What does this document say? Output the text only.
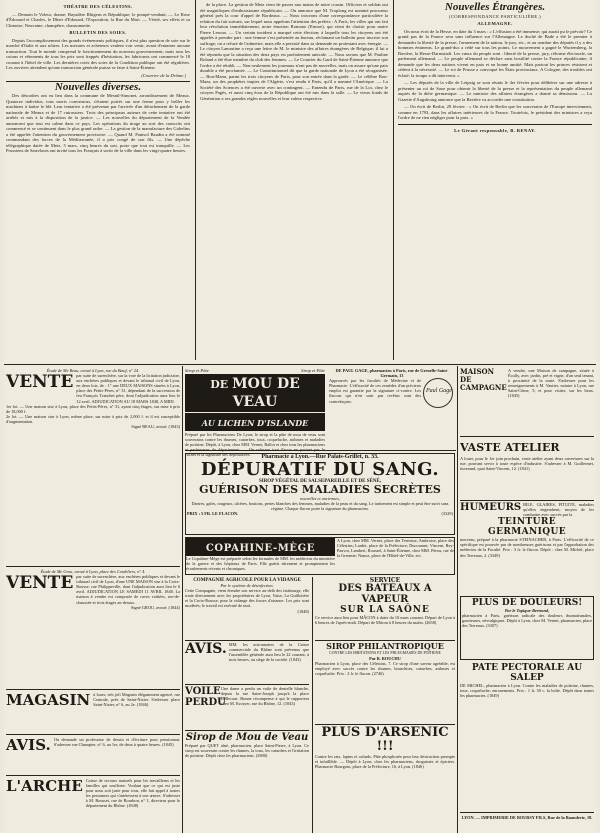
THÉATRE DES CÉLESTINS.

— Demain le Voleur, drame; Bayadère Rhigens et République; le pompé-vendant; — Le Rose d'Édouard et Charles, le Dîner d'Edouard, l'Exposition, la Rue du Mari. — Vérité, ses effets et sa Chinoise; Neuvaine, champêtre, chansonnette.

BULLETIN DES SOIES.

Depuis l'accomplissement des grands événements politiques, il n'est plus question de soie sur le marché d'Italie et aux nôtres. Les mesures et acheteurs veulent voir venir, avant d'entamer aucune transaction. Tout le monde comprend le fonctionnement du nouveau gouvernement; mais tous les cotons et vêtements de tous les prix sont frappés d'hésitation, les fabricants ont commencé le 18 courant à l'hôtel de ville. Les dernières cotes des soies de la Condition publique ont été régulières. Les ouvriers attendent qu'une transaction générale puisse se faire à Saint-Étienne.

(Courrier de la Drôme.)

Nouvelles diverses.

Des désordres ont eu lieu dans la commune de Mesnil-Simonet, arrondissement de Meaux. Quatorze individus, tous morts convaincus, s'étaient portés sur une ferme pour y brûler les machines à battre le blé. Leur tentative a été prévenue par l'arrivée d'un détachement de la garde nationale de Meaux et de 17 cuirassiers. Trois des principaux auteurs de cette tentative ont été arrêtés et mis à la disposition de la justice. — Les nouvelles du département de la Vendée annoncent que tout est calme dans ce pays. Les opérations du tirage au sort des conscrits ont commencé et se continuent dans le plus grand ordre. — La gestion de la manufacture des Gobelins a été appelée l'attention du gouvernement provisoire. — Quand M. Panisol Baudin a été nommé commandant des forces de la Méditerranée, il a pris congé de son fils. — Une dépêche télégraphique datée de Metz, 5 mars, cinq heures du soir, porte que tout est tranquille. — Les Prussiens de Sarrelouis ont invité tous les Français à sortir de la ville dans les vingt-quatre heures.

de la place. La gestion de Metz vient de passer aux mains de notre cousin. Officiers et soldats ont été magnifiques d'enthousiasme républicain. — On annonce que M. Troplong est nommé procureur général près la cour d'appel de Bordeaux. — Nous trouvons d'une correspondance particulière la relation du fait suivant, sur lequel nous appelons l'attention des préfets : A Paris, les villes qui ont fait leur révolution immédiatement, notre émotion Romano (Ermoe), qui vient de choisir pour maire Pierre Leroux. — Un certain incident a marqué cette élection; à laquelle tous les citoyens ont été appelés à prendre part : une femme s'est présentée au bureau, réclamant un bulletin pour inscrire son suffrage; on a refusé de l'admettre, mais elle a persisté dans sa demande en protestant avec énergie. — Le citoyen Lamartine a reçu une lettre de M. le ministre des affaires étrangères de Belgique; il lui a été répondu que la situation des deux pays est parfaitement amicale. — Nous savons que M. Pauline Roland a été élue membre du club des femmes. — Le Courrier du Gard de Saint-Étienne annonce que l'ordre a été rétabli. — Non-seulement les journaux n'ont pas de nouvelles, mais on assure qu'une paix durable a été proclamée. — Le Constitutionnel dit que la garde nationale de Lyon a été réorganisée. — Bon-Manu, parmi les trois citoyens de Paris, pour son entrée dans la garde. — Le célèbre Bou-Maza, un des prophètes impies de l'Algérie, s'est rendu à Paris, qu'il a nommé l'Amérique. — La Société des Sciences a été ouverte avec un contingent. — Entendu de Paris, rue de la Loi, chez le citoyen Pagès, et aussi cinq écus de la République ont été mis dans la salle. — Le vieux fonds de Génération a ses grandes règles nouvelles et leur valeur respective.

Nouvelles Étrangères.

(CORRESPONDANCE PARTICULIÈRE.)

ALLEMAGNE.

On nous écrit de la Hesse, en date du 3 mars : « L'effusion a été immense; qui aurait pu le prévoir? Ce grand pas de la France sera sans influence sur l'Allemagne. Le duché de Bade a été le premier à demander la liberté de la presse, l'armement de la nation, le jury, etc., et au nombre des députés il y a des hommes éminents. Le grand-duc a cédé sur tous les points. Le mouvement a gagné le Wurtemberg, la Bavière, la Hesse-Darmstadt. Les vœux du peuple sont : liberté de la presse, jury, réforme électorale, un parlement allemand. — Le peuple allemand se déclare sans hostilité contre la France républicaine; il demande que les deux nations vivent en paix et en bonne amitié. Mais partout les princes résistent et cèdent à la nécessité. — Le roi de Prusse a convoqué les États provinciaux. A Cologne, des troubles ont éclaté; la troupe a dû intervenir. »

— Les députés de la ville de Leipzig se sont réunis le 4er février pour délibérer sur une adresse à présenter au roi de Saxe pour obtenir la liberté de la presse et la représentation du peuple allemand auprès de la diète germanique. — Le ministre des affaires étrangères a donné sa démission. — La Gazette d'Augsbourg annonce que la Bavière va accorder une constitution.

— On écrit de Berlin, 29 février : « On écrit de Berlin que les souverains de l'Europe interviennent, comme en 1793, dans les affaires intérieures de la France. Toutefois, le président des ministres a reçu l'ordre de ne rien négliger pour la paix. »

Le Gérant responsable, B. RENAY.

Étude de Me Beau, avoué à Lyon, rue du Bœuf, n° 24.

VENTE par suite de surenchère, sur la voie de la licitation judiciaire, aux enchères publiques et devant le tribunal civil de Lyon, en deux lots, de : 1° une DEUX MAISONS situées à Lyon, place des Petits-Pères, n° 31, dépendant de la succession de feu François Tranchet père, dont l'adjudication aura lieu le 12 avril. ADJUDICATION AU 18 MARS 1848, A MIDI.

1er lot. — Une maison sise à Lyon, place des Petits-Pères, n° 31, ayant cinq étages, sur mise à prix de 18,000 f.

2e lot. — Une maison sise à Lyon, même place, sur mise à prix de 2,000 f. et il est susceptible d'augmentation.

Signé BEAU, avoué. (1843)

Étude de Me Grou, avoué à Lyon, place des Cordeliers, n° 4.

VENTE par suite de surenchère, aux enchères publiques et devant le tribunal civil de Lyon, d'une UNE MAISON sise à la Croix-Rousse, rue Philippeville, dont l'adjudication aura lieu le 6 avril. ADJUDICATION LE SAMEDI 11 AVRIL 1848. La maison à vendre est composée de caves voûtées, rez-de-chaussée et trois étages au-dessus.

Signé GROU, avoué. (1844)

MAGASIN à louer, très joli Magasin élégamment agencé, rue Centrale, près de Saint-Nizier. S'adresser place Saint-Nizier, n° 6, au 2e. (1846)

AVIS. On demande un professeur de dessin et d'écriture pour pensionnat. S'adresser rue Champier, n° 6, au 1er, de deux à quatre heures. (1845)

L'ARCHE Caisse de secours mutuels pour les travailleurs et les familles qui souffrent. Voulant que ce qui est juste pour nous soit juste pour tous, elle fait appel à toutes les personnes qui s'intéressent à son œuvre. S'adresser à M. Rousset, rue de Bourbon, n° 1, directeur pour le département du Rhône. (1848)

Sirop et Pâte	Sirop et Pâte
DE MOU DE VEAU
AU LICHEN D'ISLANDE

Préparé par les Pharmaciens De Lyon; le sirop et la pâte de mou de veau sont souverains contre les rhumes, catarrhes, toux, coqueluche, asthmes et maladies de poitrine. Dépôt, à Lyon, chez MM. Vernet, Ballot et chez tous les pharmaciens et parfumeurs du département. — On refusera tout flacon ne portant pas le cachet et la signature des dépositaires.

DE PAUL GAGE, pharmacien à Paris, rue de Grenelle-Saint-Germain, 13

Approuvés par les facultés de Médecine et de Pharmacie. L'efficacité de ces remèdes d'un précieux emploi est garantie par la signature ci-contre. Les flacons qui n'en sont pas revêtus sont des contrefaçons.

Paul Gage

Pharmacie à Lyon.—Rue Palais-Grillet, n. 33.

DÉPURATIF DU SANG.

SIROP VÉGÉTAL DE SALSEPAREILLE ET DE SÉNÉ,

GUÉRISON DES MALADIES SECRÈTES

nouvelles et anciennes,

Dartres, gales, rougeurs, ulcères, boutons, pertes blanches des femmes, maladies de la peau et du sang. Le traitement est simple et peut être suivi sans régime. Chaque flacon porte la signature du pharmacien.

PRIX : 5 FR. LE FLACON.	(3329)
COPAHINE-MÈGE

Le Copahine-Mège est préparée selon les formules de MM. les médecins du ministère de la guerre et des hôpitaux de Paris. Elle guérit sûrement et promptement les écoulements récents et chroniques.

A Lyon, chez MM. Vernet, place des Terreaux; Ambroise, place des Célestins; Lardet, place de la Préfecture; Ducourant; Vincent, Rey-Pauvot, Lambert, Roussel, à Saint-Étienne, chez MM. Pérou, rue de la Grenette; Nanoz, place de l'Hôtel-de-Ville, etc.

COMPAGNIE AGRICOLE POUR LA VIDANGE

Par le système de désinfection.

Cette Compagnie, vient étendre son service au-delà des faubourgs; elle traite directement avec les propriétaires de Lyon, Vaise, La Guillotière et la Croix-Rousse, pour la vidange des fosses d'aisance. Les prix sont modérés; le travail est exécuté de nuit.

(1848)

AVIS. MM. les actionnaires de la Caisse commerciale du Rhône sont prévenus que l'assemblée générale aura lieu le 22 courant, à trois heures, au siège de la société. (1843)

VOILE PERDU

Une dame a perdu un voile de dentelle blanche, depuis la rue Saint-Joseph jusqu'à la place Bellecour. Bonne récompense à qui le rapportera chez M. Escuyer, rue du Rhône, 12. (1843)

Sirop de Mou de Veau

Préparé par QUET aîné, pharmacien, place Saint-Pierre, à Lyon. Ce sirop est souverain contre les rhumes, la toux, les catarrhes et l'irritation de poitrine. Dépôt chez les pharmaciens. (3800)

SERVICE

DES BATEAUX A VAPEUR

SUR LA SAÔNE

Ce service aura lieu pour MÂCON à dater du 10 mars courant. Départ de Lyon à 6 heures de l'après-midi. Départ de Mâcon à 8 heures du matin. (2658)

SIROP PHILANTROPIQUE

CONTRE LES IRRITATIONS ET LES PHLEGMASIES DE POITRINE

Par B. ROUCHU

Pharmacien à Lyon, place des Célestins, 7. Ce sirop d'une saveur agréable, est employé avec succès contre les rhumes, bronchites, catarrhes, asthmes et coqueluche. Prix : 2 fr. le flacon. (2746)

PLUS D'ARSENIC !!!

Contre les rats, lapins et cafards, Pâte phosphorée pour leur destruction prompte et infaillible. — Dépôt à Lyon, chez les pharmaciens, droguistes et épiciers. Pharmacie Bourgoin, place de la Préfecture, 16, à Lyon. (1846)

MAISON DE CAMPAGNE

A vendre, une Maison de campagne, située à Écully, avec jardin, pré et vigne, d'un seul tenant, à proximité de la route. S'adresser pour les renseignements à M. Vautier, notaire à Lyon, rue Saint-Côme, 5; et pour visiter, sur les lieux. (1845)

VASTE ATELIER

A louer, pour le 1er juin prochain, vaste atelier ayant deux ouvertures sur la rue, pouvant servir à toute espèce d'industrie. S'adresser à M. Guillermet, tisserand, quai Saint-Vincent, 12. (1841)

HUMEURS BILE, GLAIRES, PITUITE, maladies qu'elles engendrent; moyen de les combattre avec succès par la

TEINTURE GERMANIQUE

nouveau, préparé à la pharmacie STEINACHER, à Paris. L'efficacité de ce spécifique est prouvée par de nombreuses guérisons et par l'approbation des médecins de la Faculté. Prix : 3 fr. le flacon. Dépôt : chez M. Michel, place des Terreaux, 2. (3349)

PLUS DE DOULEURS!

Par le Topique-Bertrand,

pharmacien à Paris, guérison radicale des douleurs rhumatismales, goutteuses, névralgiques. Dépôt à Lyon, chez M. Vernet, pharmacien, place des Terreaux. (3307)

PATE PECTORALE AU SALEP

DE MICHEL, pharmacien à Lyon. Contre les maladies de poitrine, rhumes, toux, coqueluche, enrouements. Prix : 1 fr. 50 c. la boîte. Dépôt dans toutes les pharmacies. (1849)

LYON. — IMPRIMERIE DE BOURSY FILS, Rue de la Buanderie, 18.
